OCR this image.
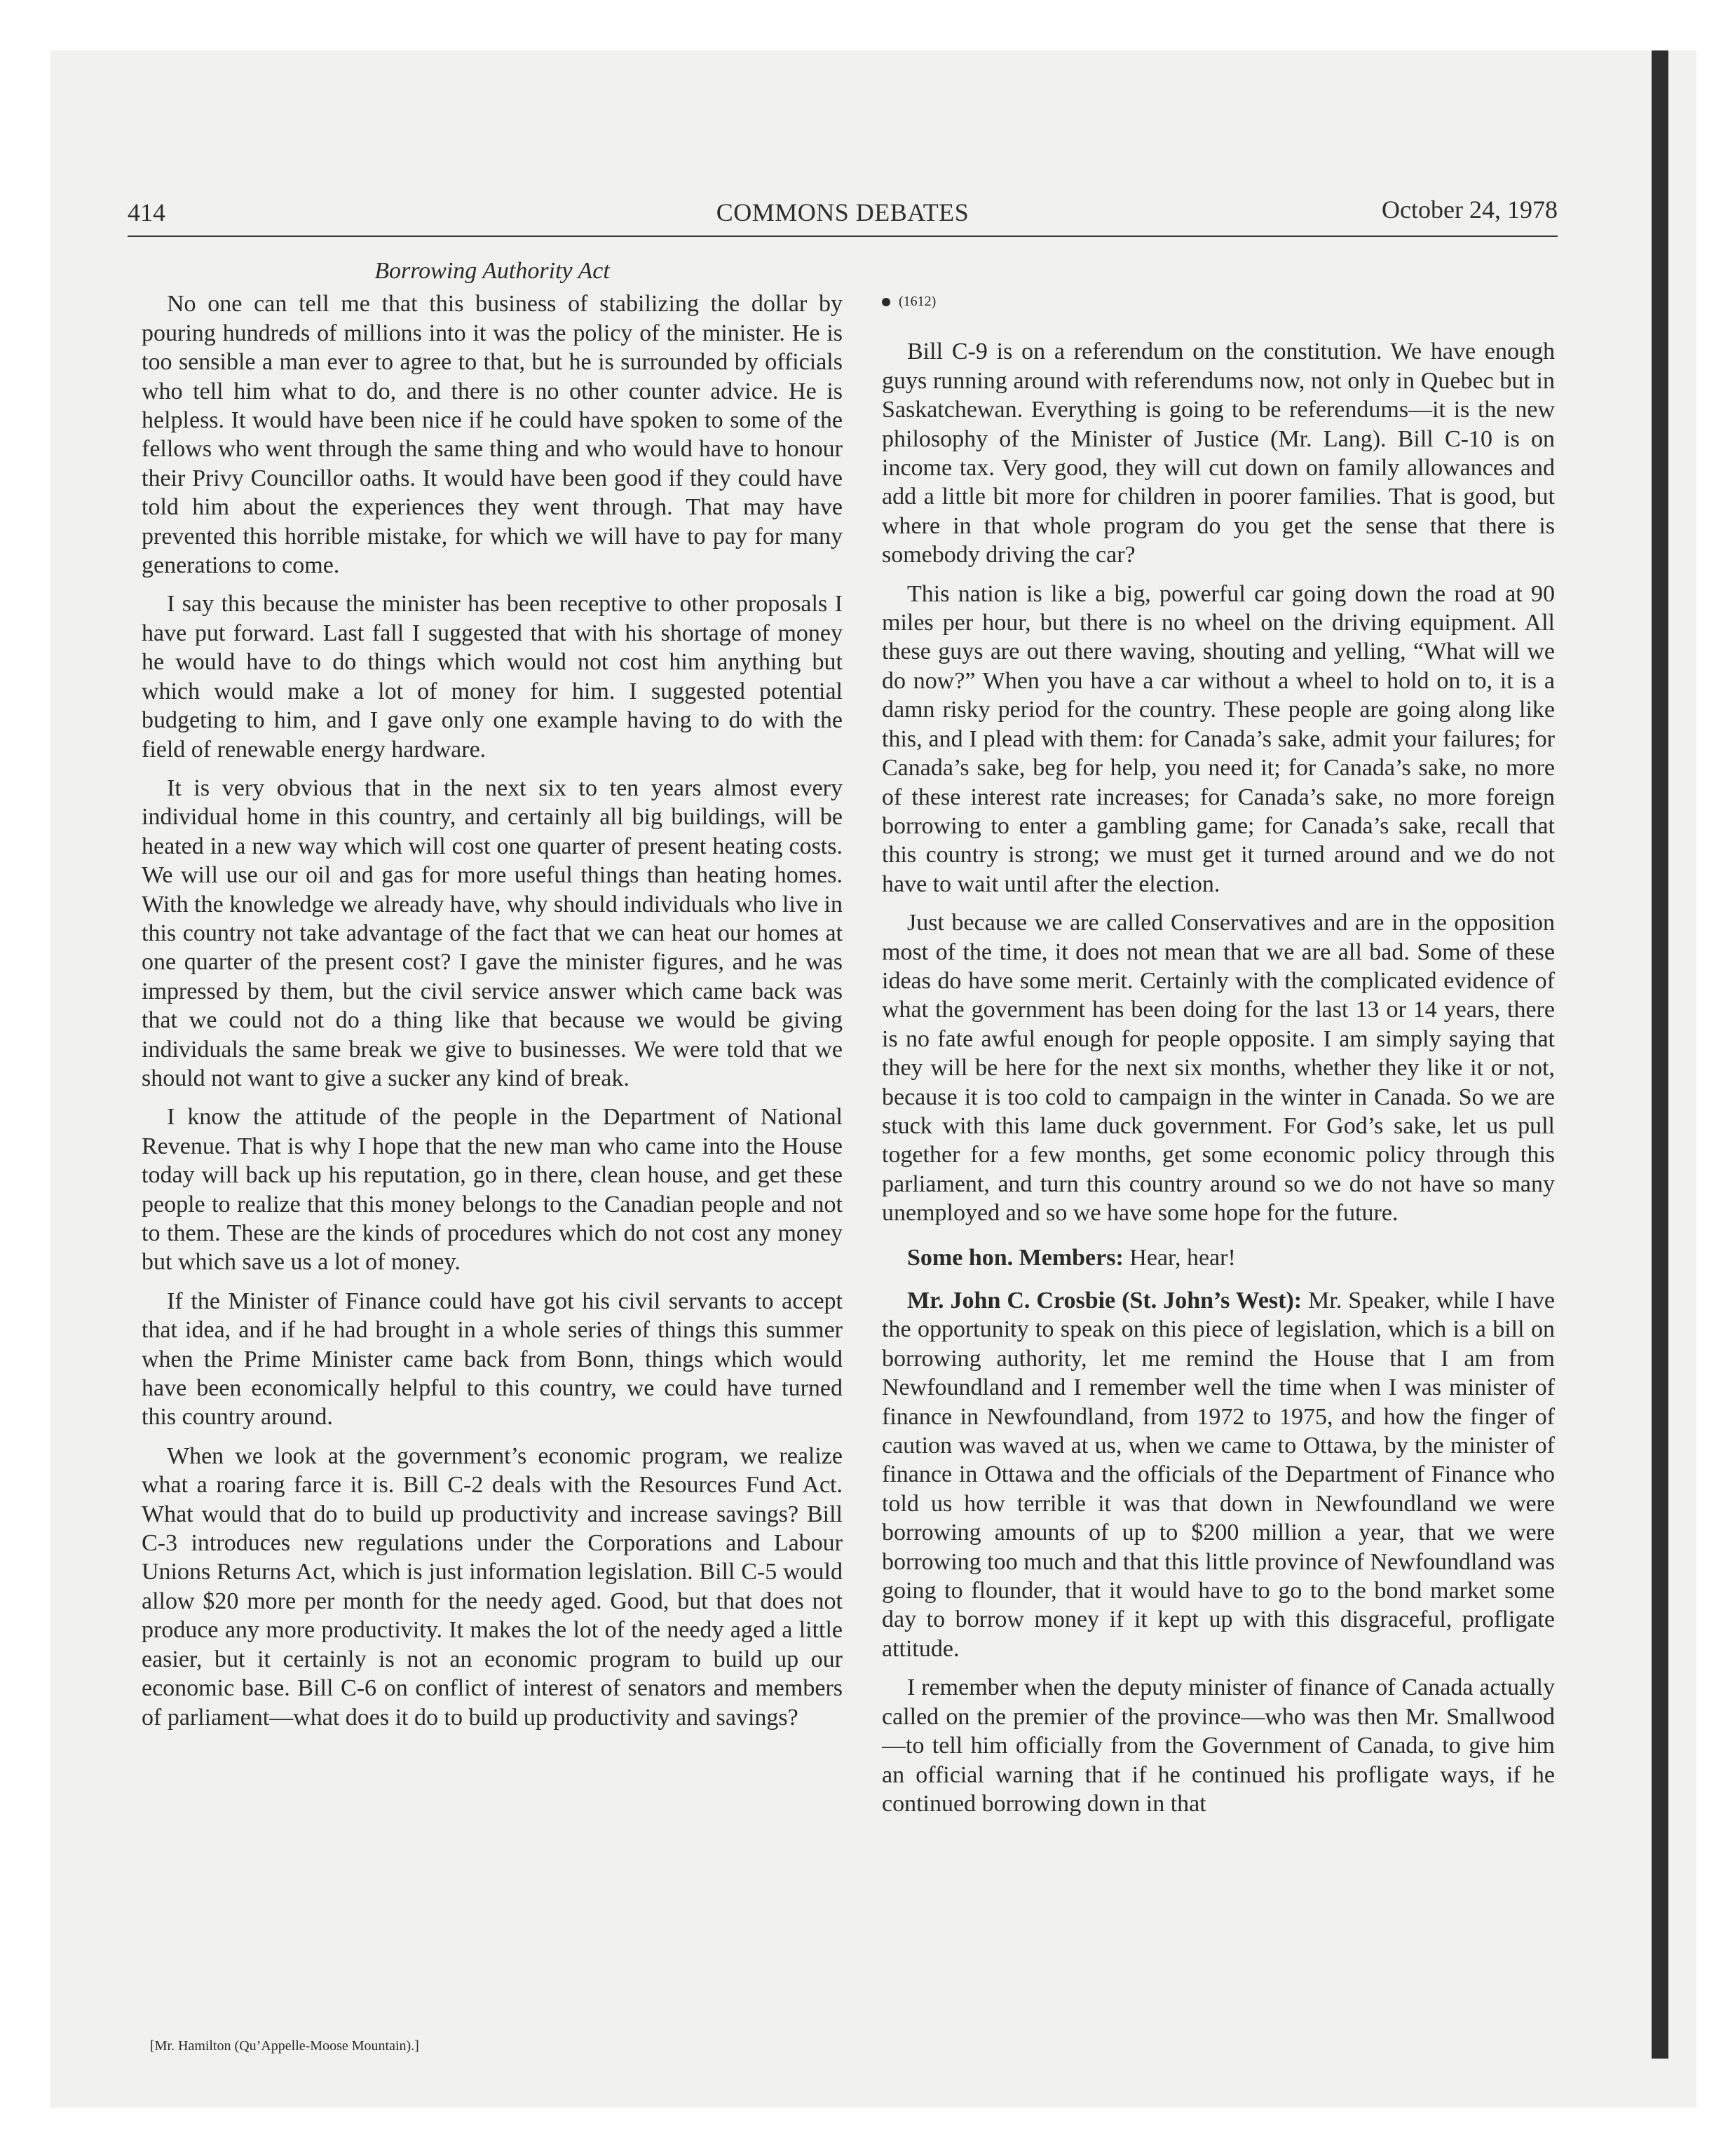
414	COMMONS DEBATES	October 24, 1978
Borrowing Authority Act

No one can tell me that this business of stabilizing the dollar by pouring hundreds of millions into it was the policy of the minister. He is too sensible a man ever to agree to that, but he is surrounded by officials who tell him what to do, and there is no other counter advice. He is helpless. It would have been nice if he could have spoken to some of the fellows who went through the same thing and who would have to honour their Privy Councillor oaths. It would have been good if they could have told him about the experiences they went through. That may have prevented this horrible mistake, for which we will have to pay for many generations to come.

I say this because the minister has been receptive to other proposals I have put forward. Last fall I suggested that with his shortage of money he would have to do things which would not cost him anything but which would make a lot of money for him. I suggested potential budgeting to him, and I gave only one example having to do with the field of renewable energy hardware.

It is very obvious that in the next six to ten years almost every individual home in this country, and certainly all big buildings, will be heated in a new way which will cost one quarter of present heating costs. We will use our oil and gas for more useful things than heating homes. With the knowledge we already have, why should individuals who live in this country not take advantage of the fact that we can heat our homes at one quarter of the present cost? I gave the minister figures, and he was impressed by them, but the civil service answer which came back was that we could not do a thing like that because we would be giving individuals the same break we give to businesses. We were told that we should not want to give a sucker any kind of break.

I know the attitude of the people in the Department of National Revenue. That is why I hope that the new man who came into the House today will back up his reputation, go in there, clean house, and get these people to realize that this money belongs to the Canadian people and not to them. These are the kinds of procedures which do not cost any money but which save us a lot of money.

If the Minister of Finance could have got his civil servants to accept that idea, and if he had brought in a whole series of things this summer when the Prime Minister came back from Bonn, things which would have been economically helpful to this country, we could have turned this country around.

When we look at the government’s economic program, we realize what a roaring farce it is. Bill C-2 deals with the Resources Fund Act. What would that do to build up productivity and increase savings? Bill C-3 introduces new regulations under the Corporations and Labour Unions Returns Act, which is just information legislation. Bill C-5 would allow $20 more per month for the needy aged. Good, but that does not produce any more productivity. It makes the lot of the needy aged a little easier, but it certainly is not an economic program to build up our economic base. Bill C-6 on conflict of interest of senators and members of parliament—what does it do to build up productivity and savings?

(1612)

Bill C-9 is on a referendum on the constitution. We have enough guys running around with referendums now, not only in Quebec but in Saskatchewan. Everything is going to be referendums—it is the new philosophy of the Minister of Justice (Mr. Lang). Bill C-10 is on income tax. Very good, they will cut down on family allowances and add a little bit more for children in poorer families. That is good, but where in that whole program do you get the sense that there is somebody driving the car?

This nation is like a big, powerful car going down the road at 90 miles per hour, but there is no wheel on the driving equipment. All these guys are out there waving, shouting and yelling, “What will we do now?” When you have a car without a wheel to hold on to, it is a damn risky period for the country. These people are going along like this, and I plead with them: for Canada’s sake, admit your failures; for Canada’s sake, beg for help, you need it; for Canada’s sake, no more of these interest rate increases; for Canada’s sake, no more foreign borrowing to enter a gambling game; for Canada’s sake, recall that this country is strong; we must get it turned around and we do not have to wait until after the election.

Just because we are called Conservatives and are in the opposition most of the time, it does not mean that we are all bad. Some of these ideas do have some merit. Certainly with the complicated evidence of what the government has been doing for the last 13 or 14 years, there is no fate awful enough for people opposite. I am simply saying that they will be here for the next six months, whether they like it or not, because it is too cold to campaign in the winter in Canada. So we are stuck with this lame duck government. For God’s sake, let us pull together for a few months, get some economic policy through this parliament, and turn this country around so we do not have so many unemployed and so we have some hope for the future.

Some hon. Members: Hear, hear!

Mr. John C. Crosbie (St. John’s West): Mr. Speaker, while I have the opportunity to speak on this piece of legislation, which is a bill on borrowing authority, let me remind the House that I am from Newfoundland and I remember well the time when I was minister of finance in Newfoundland, from 1972 to 1975, and how the finger of caution was waved at us, when we came to Ottawa, by the minister of finance in Ottawa and the officials of the Department of Finance who told us how terrible it was that down in Newfoundland we were borrowing amounts of up to $200 million a year, that we were borrowing too much and that this little province of Newfoundland was going to flounder, that it would have to go to the bond market some day to borrow money if it kept up with this disgraceful, profligate attitude.

I remember when the deputy minister of finance of Canada actually called on the premier of the province—who was then Mr. Smallwood—to tell him officially from the Government of Canada, to give him an official warning that if he continued his profligate ways, if he continued borrowing down in that

[Mr. Hamilton (Qu’Appelle-Moose Mountain).]
